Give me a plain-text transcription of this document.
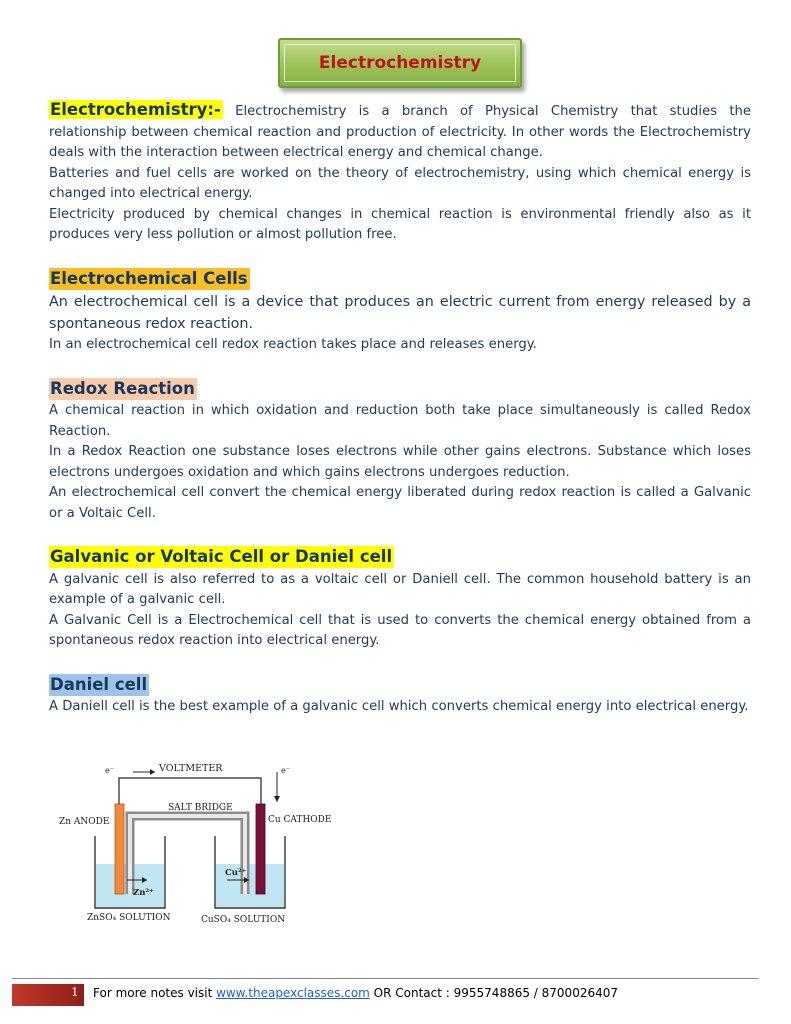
Electrochemistry

Electrochemistry:- Electrochemistry is a branch of Physical Chemistry that studies the relationship between chemical reaction and production of electricity. In other words the Electrochemistry deals with the interaction between electrical energy and chemical change.

Batteries and fuel cells are worked on the theory of electrochemistry, using which chemical energy is changed into electrical energy.

Electricity produced by chemical changes in chemical reaction is environmental friendly also as it produces very less pollution or almost pollution free.

Electrochemical Cells

An electrochemical cell is a device that produces an electric current from energy released by a spontaneous redox reaction.

In an electrochemical cell redox reaction takes place and releases energy.

Redox Reaction

A chemical reaction in which oxidation and reduction both take place simultaneously is called Redox Reaction.

In a Redox Reaction one substance loses electrons while other gains electrons. Substance which loses electrons undergoes oxidation and which gains electrons undergoes reduction.

An electrochemical cell convert the chemical energy liberated during redox reaction is called a Galvanic or a Voltaic Cell.

Galvanic or Voltaic Cell or Daniel cell

A galvanic cell is also referred to as a voltaic cell or Daniell cell. The common household battery is an example of a galvanic cell.

A Galvanic Cell is a Electrochemical cell that is used to converts the chemical energy obtained from a spontaneous redox reaction into electrical energy.

Daniel cell

A Daniell cell is the best example of a galvanic cell which converts chemical energy into electrical energy.

VOLTMETER
e⁻	e⁻
SALT BRIDGE
Zn ANODE	Cu CATHODE
Zn²⁺
Cu²⁺
ZnSO₄ SOLUTION	CuSO₄ SOLUTION
1 For more notes visit www.theapexclasses.com OR Contact : 9955748865 / 8700026407
